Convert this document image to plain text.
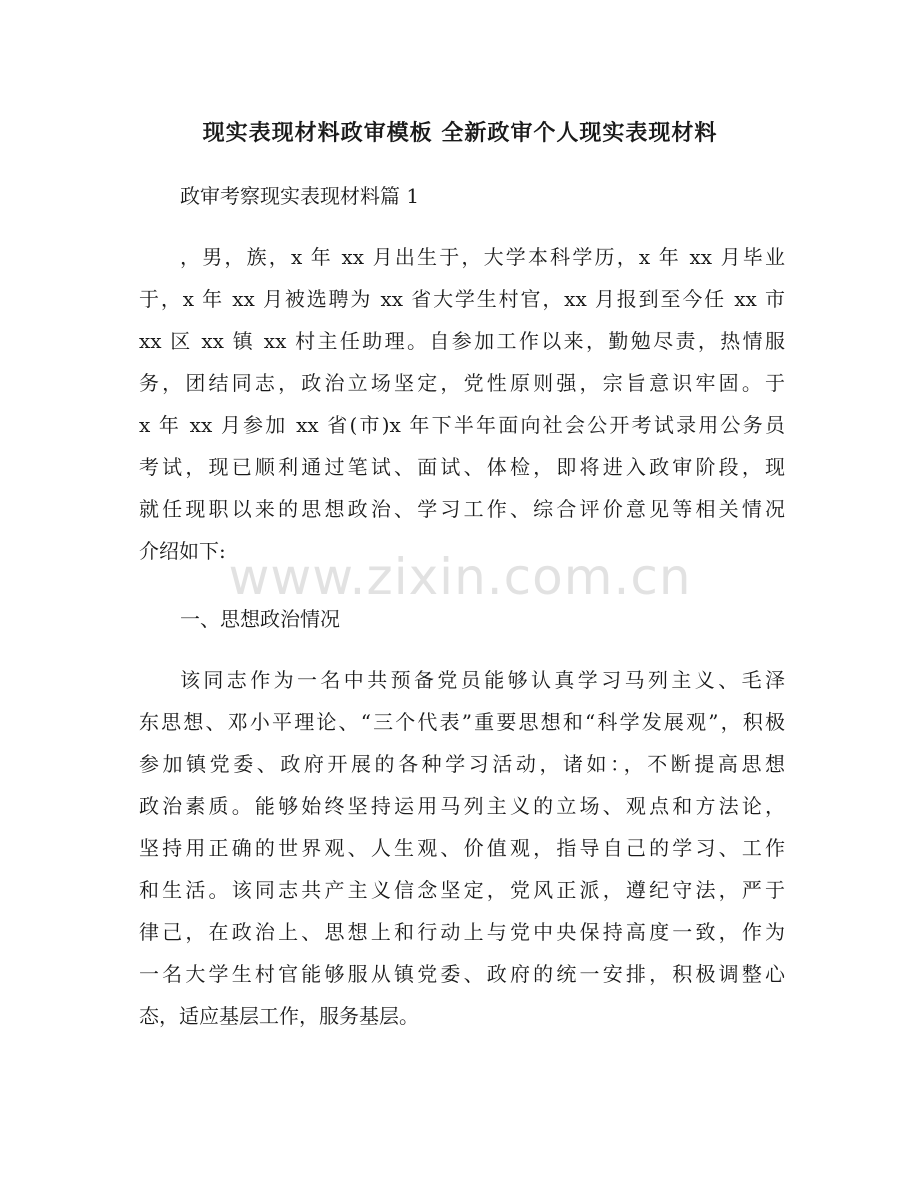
现实表现材料政审模板 全新政审个人现实表现材料
政审考察现实表现材料篇 1
，男，族，x 年 xx 月出生于，大学本科学历，x 年 xx 月毕业
于，x 年 xx 月被选聘为 xx 省大学生村官，xx 月报到至今任 xx 市
xx 区 xx 镇 xx 村主任助理。自参加工作以来，勤勉尽责，热情服
务，团结同志，政治立场坚定，党性原则强，宗旨意识牢固。于
x 年 xx 月参加 xx 省(市)x 年下半年面向社会公开考试录用公务员
考试，现已顺利通过笔试、面试、体检，即将进入政审阶段，现
就任现职以来的思想政治、学习工作、综合评价意见等相关情况
介绍如下:
一、思想政治情况
该同志作为一名中共预备党员能够认真学习马列主义、毛泽
东思想、邓小平理论、“三个代表”重要思想和“科学发展观”，积极
参加镇党委、政府开展的各种学习活动，诸如：，不断提高思想
政治素质。能够始终坚持运用马列主义的立场、观点和方法论，
坚持用正确的世界观、人生观、价值观，指导自己的学习、工作
和生活。该同志共产主义信念坚定，党风正派，遵纪守法，严于
律己，在政治上、思想上和行动上与党中央保持高度一致，作为
一名大学生村官能够服从镇党委、政府的统一安排，积极调整心
态，适应基层工作，服务基层。
www.zixin.com.cn
